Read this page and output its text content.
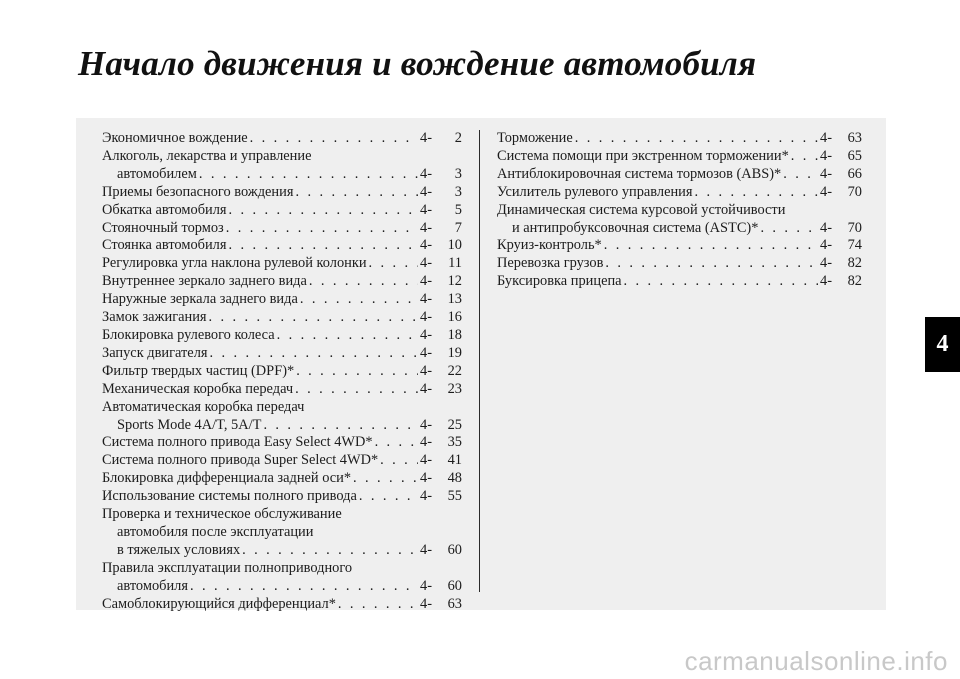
Начало движения и вождение автомобиля
Экономичное вождение . . .	4-	2
Алкоголь, лекарства и управление
автомобилем . . .	4-	3
Приемы безопасного вождения . . .	4-	3
Обкатка автомобиля . . .	4-	5
Стояночный тормоз . . .	4-	7
Стоянка автомобиля . . .	4-	10
Регулировка угла наклона рулевой колонки . . .	4-	11
Внутреннее зеркало заднего вида . . .	4-	12
Наружные зеркала заднего вида . . .	4-	13
Замок зажигания . . .	4-	16
Блокировка рулевого колеса . . .	4-	18
Запуск двигателя . . .	4-	19
Фильтр твердых частиц (DPF)* . . .	4-	22
Механическая коробка передач . . .	4-	23
Автоматическая коробка передач
Sports Mode 4A/T, 5A/T . . .	4-	25
Система полного привода Easy Select 4WD* . . .	4-	35
Система полного привода Super Select 4WD* . . .	4-	41
Блокировка дифференциала задней оси* . . .	4-	48
Использование системы полного привода . . .	4-	55
Проверка и техническое обслуживание
автомобиля после эксплуатации
в тяжелых условиях . . .	4-	60
Правила эксплуатации полноприводного
автомобиля . . .	4-	60
Самоблокирующийся дифференциал* . . .	4-	63
Торможение . . .	4-	63
Система помощи при экстренном торможении* . . . 4-	65
Антиблокировочная система тормозов (ABS)* . . .	4-	66
Усилитель рулевого управления . . .	4-	70
Динамическая система курсовой устойчивости
и антипробуксовочная система (ASTC)* . . .	4-	70
Круиз-контроль* . . .	4-	74
Перевозка грузов . . .	4-	82
Буксировка прицепа . . .	4-	82
4
carmanualsonline.info
